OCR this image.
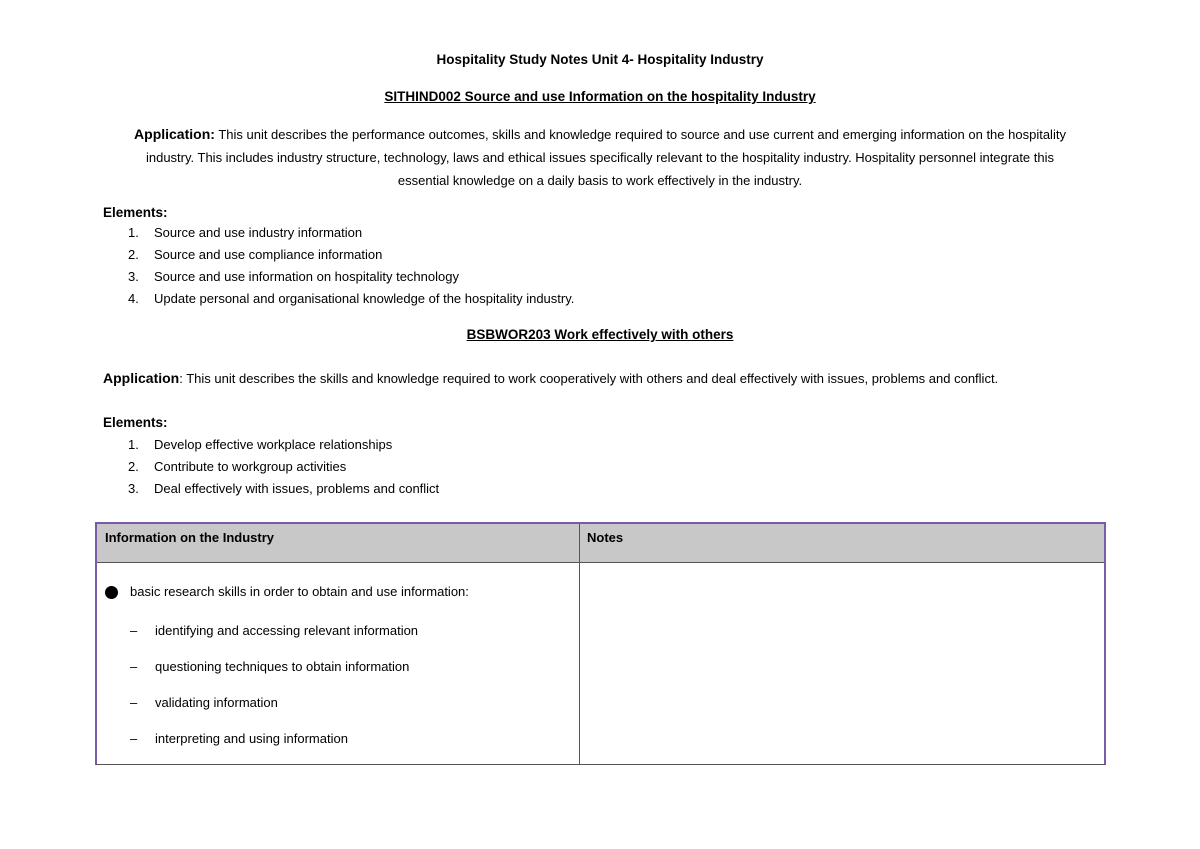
Hospitality Study Notes Unit 4- Hospitality Industry
SITHIND002 Source and use Information on the hospitality Industry
Application: This unit describes the performance outcomes, skills and knowledge required to source and use current and emerging information on the hospitality industry. This includes industry structure, technology, laws and ethical issues specifically relevant to the hospitality industry. Hospitality personnel integrate this essential knowledge on a daily basis to work effectively in the industry.
Elements:
1. Source and use industry information
2. Source and use compliance information
3. Source and use information on hospitality technology
4. Update personal and organisational knowledge of the hospitality industry.
BSBWOR203 Work effectively with others
Application: This unit describes the skills and knowledge required to work cooperatively with others and deal effectively with issues, problems and conflict.
Elements:
1. Develop effective workplace relationships
2. Contribute to workgroup activities
3. Deal effectively with issues, problems and conflict
Information on the Industry	Notes
basic research skills in order to obtain and use information:
– identifying and accessing relevant information
– questioning techniques to obtain information
– validating information
– interpreting and using information
